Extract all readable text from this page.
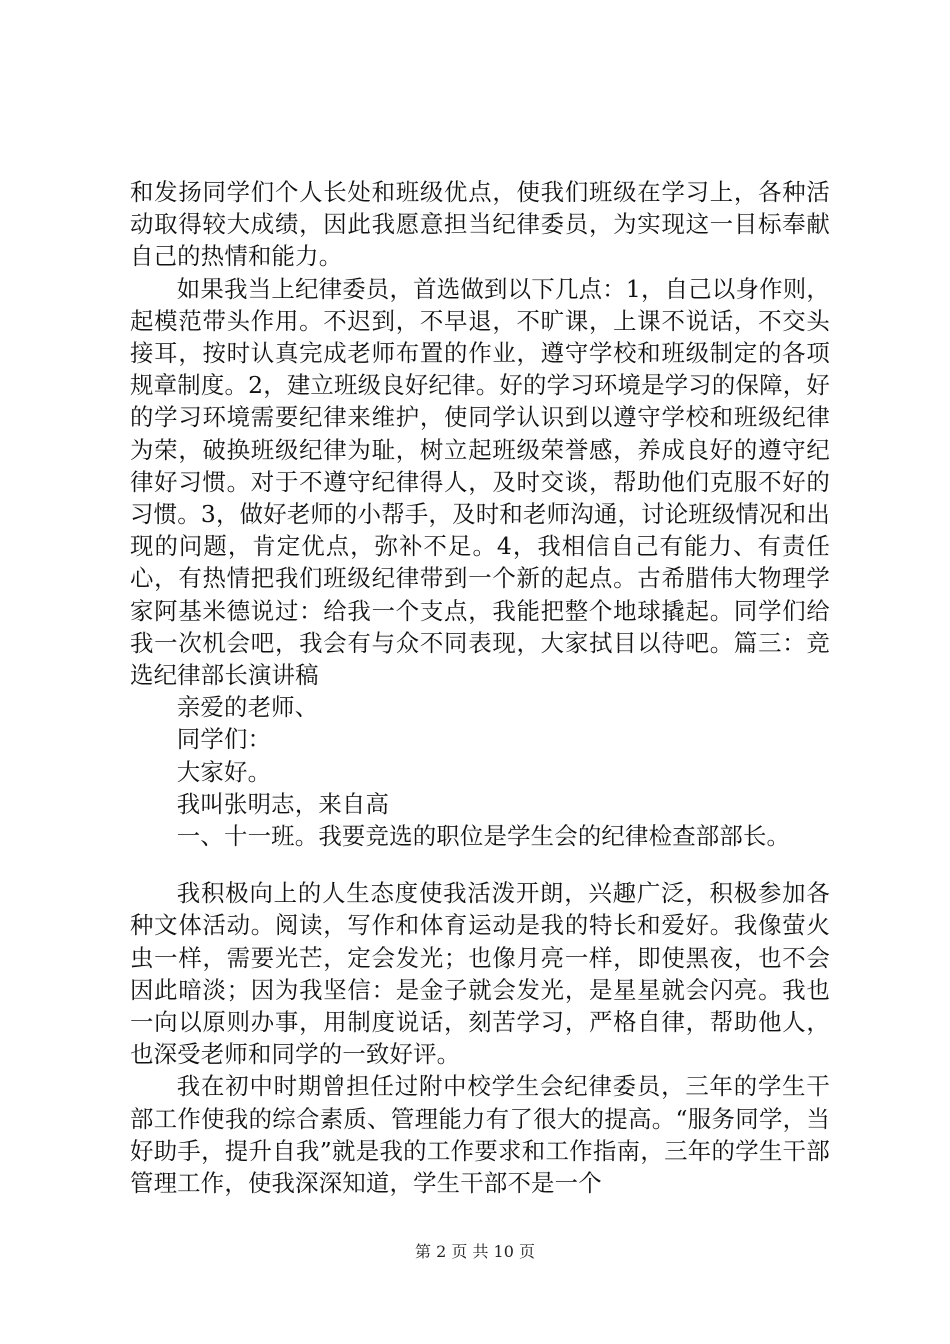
和发扬同学们个人长处和班级优点，使我们班级在学习上，各种活动取得较大成绩，因此我愿意担当纪律委员，为实现这一目标奉献自己的热情和能力。

如果我当上纪律委员，首选做到以下几点：1，自己以身作则，起模范带头作用。不迟到，不早退，不旷课，上课不说话，不交头接耳，按时认真完成老师布置的作业，遵守学校和班级制定的各项规章制度。2，建立班级良好纪律。好的学习环境是学习的保障，好的学习环境需要纪律来维护，使同学认识到以遵守学校和班级纪律为荣，破换班级纪律为耻，树立起班级荣誉感，养成良好的遵守纪律好习惯。对于不遵守纪律得人，及时交谈，帮助他们克服不好的习惯。3，做好老师的小帮手，及时和老师沟通，讨论班级情况和出现的问题，肯定优点，弥补不足。4，我相信自己有能力、有责任心，有热情把我们班级纪律带到一个新的起点。古希腊伟大物理学家阿基米德说过：给我一个支点，我能把整个地球撬起。同学们给我一次机会吧，我会有与众不同表现，大家拭目以待吧。篇三：竞选纪律部长演讲稿

亲爱的老师、

同学们：

大家好。

我叫张明志，来自高

一、十一班。我要竞选的职位是学生会的纪律检查部部长。

我积极向上的人生态度使我活泼开朗，兴趣广泛，积极参加各种文体活动。阅读，写作和体育运动是我的特长和爱好。我像萤火虫一样，需要光芒，定会发光；也像月亮一样，即使黑夜，也不会因此暗淡；因为我坚信：是金子就会发光，是星星就会闪亮。我也一向以原则办事，用制度说话，刻苦学习，严格自律，帮助他人，也深受老师和同学的一致好评。

我在初中时期曾担任过附中校学生会纪律委员，三年的学生干部工作使我的综合素质、管理能力有了很大的提高。“服务同学，当好助手，提升自我”就是我的工作要求和工作指南，三年的学生干部管理工作，使我深深知道，学生干部不是一个

第 2 页 共 10 页
